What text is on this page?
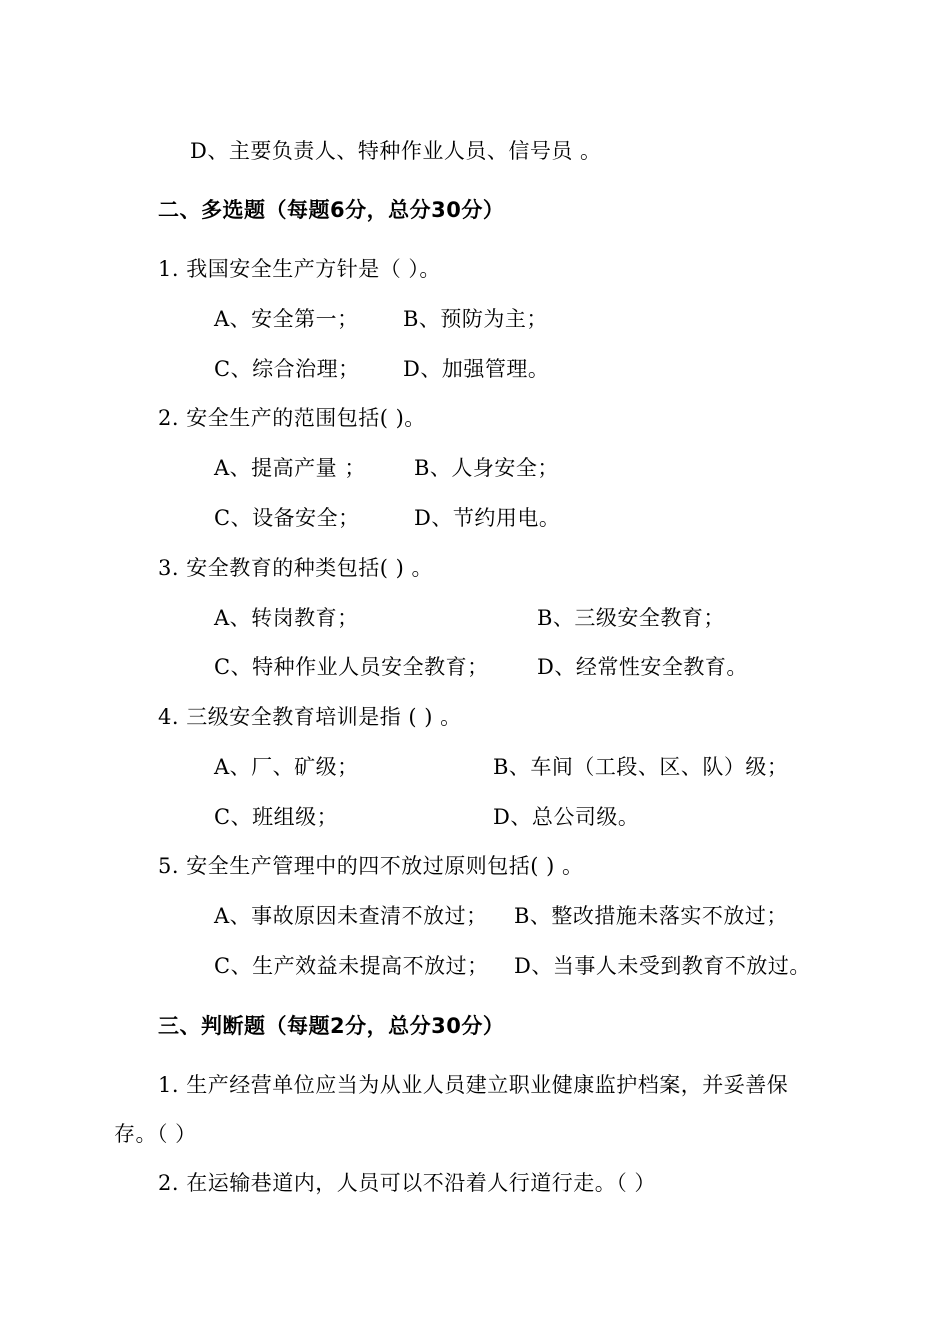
D、主要负责人、特种作业人员、信号员 。
二、多选题（每题6分，总分30分）
1. 我国安全生产方针是（ ）。
A、安全第一； B、预防为主；
C、综合治理； D、加强管理。
2. 安全生产的范围包括( )。
A、提高产量 ； B、人身安全；
C、设备安全；	D、节约用电。
3. 安全教育的种类包括( ) 。
A、转岗教育；	B、三级安全教育；
C、特种作业人员安全教育； D、经常性安全教育。
4. 三级安全教育培训是指 ( ) 。
A、厂、矿级；	B、车间（工段、区、队）级；
C、班组级；	D、总公司级。
5. 安全生产管理中的四不放过原则包括( ) 。
A、事故原因未查清不放过； B、整改措施未落实不放过；
C、生产效益未提高不放过； D、当事人未受到教育不放过。
三、判断题（每题2分，总分30分）
1. 生产经营单位应当为从业人员建立职业健康监护档案，并妥善保
存。（ ）
2. 在运输巷道内，人员可以不沿着人行道行走。（ ）
